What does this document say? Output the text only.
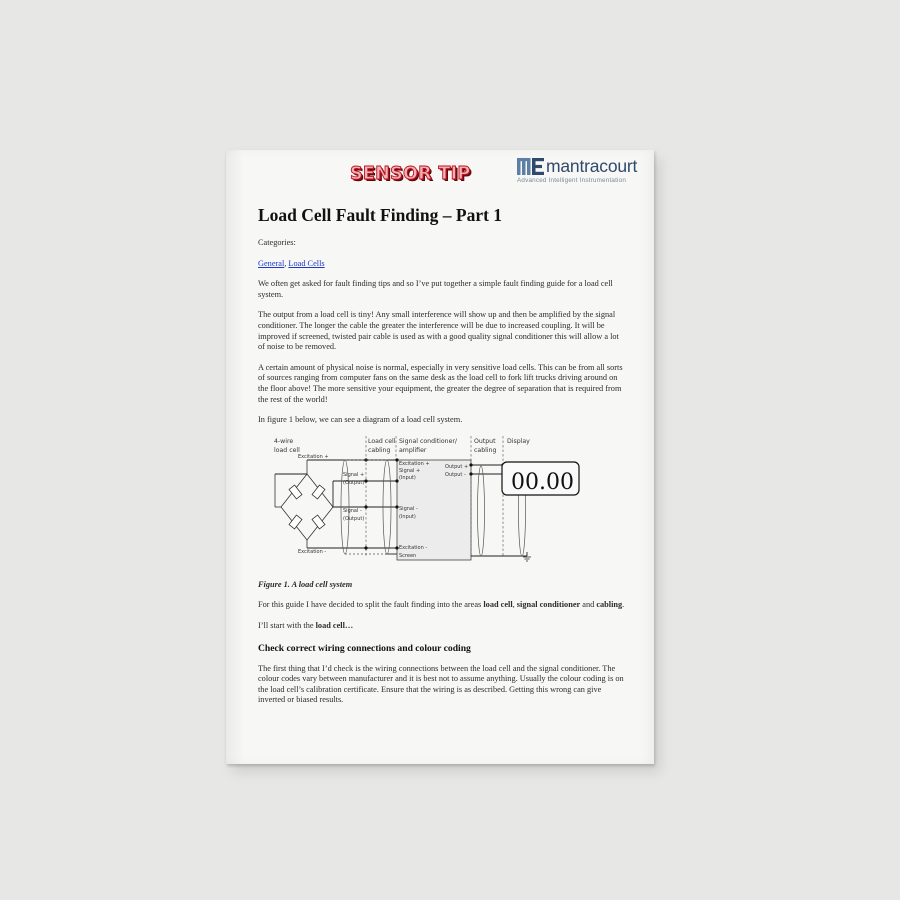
SENSOR TIP	mantracourt
Advanced Intelligent Instrumentation
Load Cell Fault Finding – Part 1

Categories:

General, Load Cells

We often get asked for fault finding tips and so I’ve put together a simple fault finding guide for a load cell system.

The output from a load cell is tiny! Any small interference will show up and then be amplified by the signal conditioner. The longer the cable the greater the interference will be due to increased coupling. It will be improved if screened, twisted pair cable is used as with a good quality signal conditioner this will allow a lot of noise to be removed.

A certain amount of physical noise is normal, especially in very sensitive load cells. This can be from all sorts of sources ranging from computer fans on the same desk as the load cell to fork lift trucks driving around on the floor above! The more sensitive your equipment, the greater the degree of separation that is required from the rest of the world!

In figure 1 below, we can see a diagram of a load cell system.

Figure 1. A load cell system

For this guide I have decided to split the fault finding into the areas load cell, signal conditioner and cabling.

I’ll start with the load cell…

Check correct wiring connections and colour coding

The first thing that I’d check is the wiring connections between the load cell and the signal conditioner. The colour codes vary between manufacturer and it is best not to assume anything. Usually the colour coding is on the load cell’s calibration certificate. Ensure that the wiring is as described. Getting this wrong can give inverted or biased results.

4-wire
load cell
Load cell
cabling
Signal conditioner/
amplifier
Output
cabling
Display
Excitation +
Signal +
(Output)
Signal -
(Output)
Excitation -
Excitation +
Signal +
(Input)
Signal -
(Input)
Excitation -
Screen
Output +
Output - 00.00
